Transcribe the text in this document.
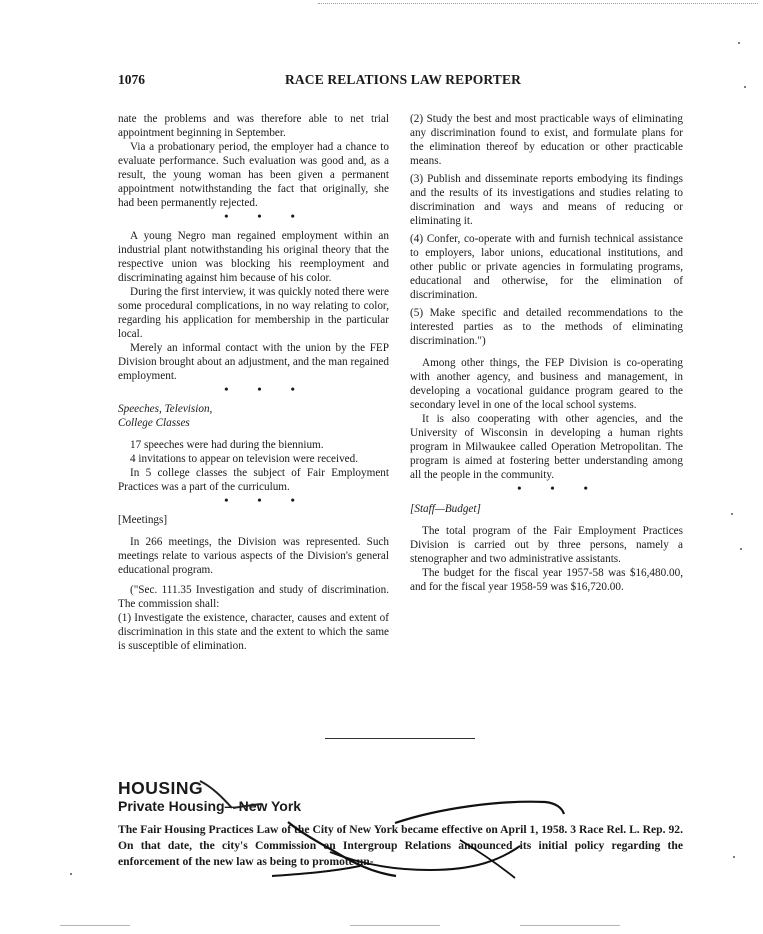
1076	RACE RELATIONS LAW REPORTER

nate the problems and was therefore able to net trial appointment beginning in September.

Via a probationary period, the employer had a chance to evaluate performance. Such evaluation was good and, as a result, the young woman has been given a permanent appointment notwithstanding the fact that originally, she had been permanently rejected.

• • •

A young Negro man regained employment within an industrial plant notwithstanding his original theory that the respective union was blocking his reemployment and discriminating against him because of his color.

During the first interview, it was quickly noted there were some procedural complications, in no way relating to color, regarding his application for membership in the particular local.

Merely an informal contact with the union by the FEP Division brought about an adjustment, and the man regained employment.

• • •

Speeches, Television,

College Classes

17 speeches were had during the biennium.

4 invitations to appear on television were received.

In 5 college classes the subject of Fair Employment Practices was a part of the curriculum.

• • •

[Meetings]

In 266 meetings, the Division was represented. Such meetings relate to various aspects of the Division's general educational program.

("Sec. 111.35 Investigation and study of discrimination. The commission shall:

(1) Investigate the existence, character, causes and extent of discrimination in this state and the extent to which the same is susceptible of elimination.

(2) Study the best and most practicable ways of eliminating any discrimination found to exist, and formulate plans for the elimination thereof by education or other practicable means.

(3) Publish and disseminate reports embodying its findings and the results of its investigations and studies relating to discrimination and ways and means of reducing or eliminating it.

(4) Confer, co-operate with and furnish technical assistance to employers, labor unions, educational institutions, and other public or private agencies in formulating programs, educational and otherwise, for the elimination of discrimination.

(5) Make specific and detailed recommendations to the interested parties as to the methods of eliminating discrimination.")

Among other things, the FEP Division is co-operating with another agency, and business and management, in developing a vocational guidance program geared to the secondary level in one of the local school systems.

It is also cooperating with other agencies, and the University of Wisconsin in developing a human rights program in Milwaukee called Operation Metropolitan. The program is aimed at fostering better understanding among all the people in the community.

• • •

[Staff—Budget]

The total program of the Fair Employment Practices Division is carried out by three persons, namely a stenographer and two administrative assistants.

The budget for the fiscal year 1957-58 was $16,480.00, and for the fiscal year 1958-59 was $16,720.00.

HOUSING
Private Housing—New York

The Fair Housing Practices Law of the City of New York became effective on April 1, 1958. 3 Race Rel. L. Rep. 92. On that date, the city's Commission on Intergroup Relations announced its initial policy regarding the enforcement of the new law as being to promote un-
